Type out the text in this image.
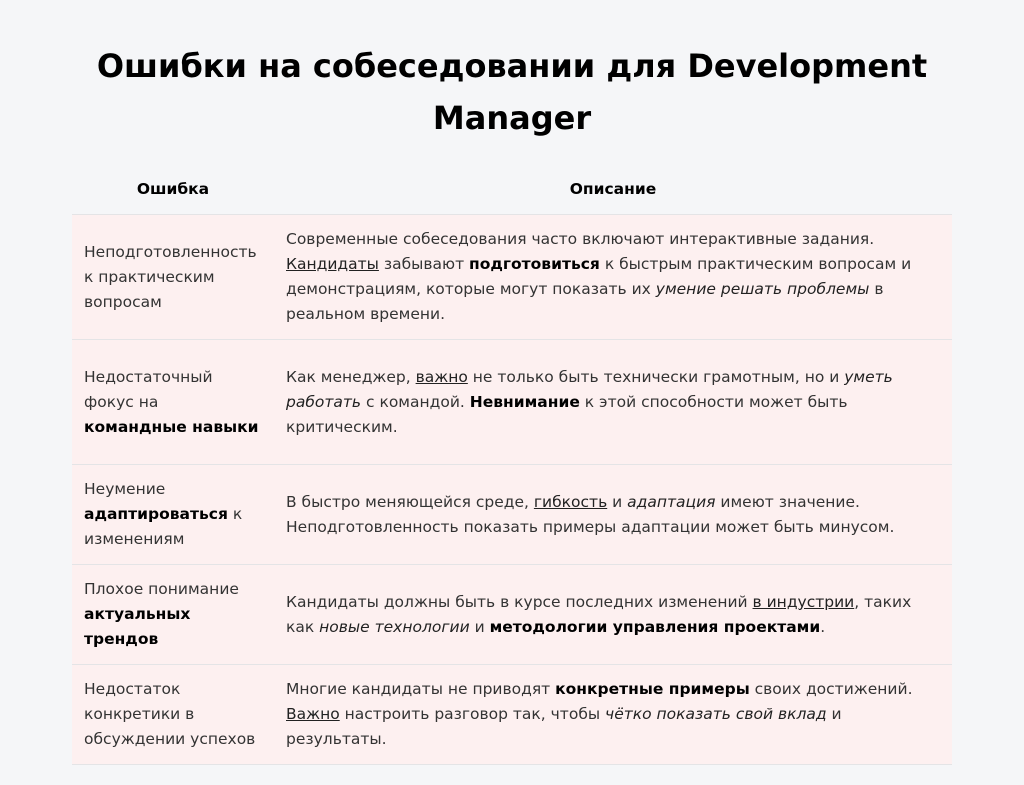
Ошибки на собеседовании для Development Manager
Ошибка	Описание
Неподготовленность к практическим вопросам	Современные собеседования часто включают интерактивные задания. Кандидаты забывают подготовиться к быстрым практическим вопросам и демонстрациям, которые могут показать их умение решать проблемы в реальном времени.
Недостаточный фокус на командные навыки	Как менеджер, важно не только быть технически грамотным, но и уметь работать с командой. Невнимание к этой способности может быть критическим.
Неумение адаптироваться к изменениям	В быстро меняющейся среде, гибкость и адаптация имеют значение. Неподготовленность показать примеры адаптации может быть минусом.
Плохое понимание актуальных трендов	Кандидаты должны быть в курсе последних изменений в индустрии, таких как новые технологии и методологии управления проектами.
Недостаток конкретики в обсуждении успехов	Многие кандидаты не приводят конкретные примеры своих достижений. Важно настроить разговор так, чтобы чётко показать свой вклад и результаты.
